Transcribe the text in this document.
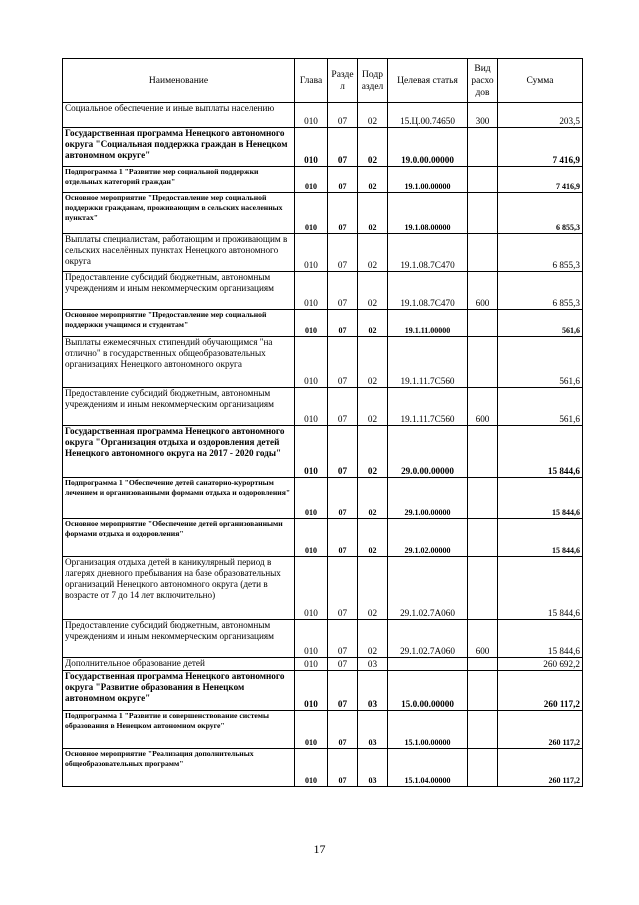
Наименование	Глава	Разде л	Подр аздел	Целевая статья	Вид расхо дов	Сумма
Социальное обеспечение и иные выплаты населению	010	07	02	15.Ц.00.74650	300	203,5
Государственная программа Ненецкого автономного округа "Социальная поддержка граждан в Ненецком автономном округе"	010	07	02	19.0.00.00000		7 416,9
Подпрограмма 1 "Развитие мер социальной поддержки отдельных категорий граждан"	010	07	02	19.1.00.00000		7 416,9
Основное мероприятие "Предоставление мер социальной поддержки гражданам, проживающим в сельских населенных пунктах"	010	07	02	19.1.08.00000		6 855,3
Выплаты специалистам, работающим и проживающим в сельских населённых пунктах Ненецкого автономного округа	010	07	02	19.1.08.7С470		6 855,3
Предоставление субсидий бюджетным, автономным учреждениям и иным некоммерческим организациям	010	07	02	19.1.08.7С470	600	6 855,3
Основное мероприятие "Предоставление мер социальной поддержки учащимся и студентам"	010	07	02	19.1.11.00000		561,6
Выплаты ежемесячных стипендий обучающимся "на отлично" в государственных общеобразовательных организациях Ненецкого автономного округа	010	07	02	19.1.11.7С560		561,6
Предоставление субсидий бюджетным, автономным учреждениям и иным некоммерческим организациям	010	07	02	19.1.11.7С560	600	561,6
Государственная программа Ненецкого автономного округа "Организация отдыха и оздоровления детей Ненецкого автономного округа на 2017 - 2020 годы"	010	07	02	29.0.00.00000		15 844,6
Подпрограмма 1 "Обеспечение детей санаторно-курортным лечением и организованными формами отдыха и оздоровления"	010	07	02	29.1.00.00000		15 844,6
Основное мероприятие "Обеспечение детей организованными формами отдыха и оздоровления"	010	07	02	29.1.02.00000		15 844,6
Организация отдыха детей в каникулярный период в лагерях дневного пребывания на базе образовательных организаций Ненецкого автономного округа (дети в возрасте от 7 до 14 лет включительно)	010	07	02	29.1.02.7А060		15 844,6
Предоставление субсидий бюджетным, автономным учреждениям и иным некоммерческим организациям	010	07	02	29.1.02.7А060	600	15 844,6
Дополнительное образование детей	010	07	03			260 692,2
Государственная программа Ненецкого автономного округа "Развитие образования в Ненецком автономном округе"	010	07	03	15.0.00.00000		260 117,2
Подпрограмма 1 "Развитие и совершенствование системы образования в Ненецком автономном округе"	010	07	03	15.1.00.00000		260 117,2
Основное мероприятие "Реализация дополнительных общеобразовательных программ"	010	07	03	15.1.04.00000		260 117,2
17
